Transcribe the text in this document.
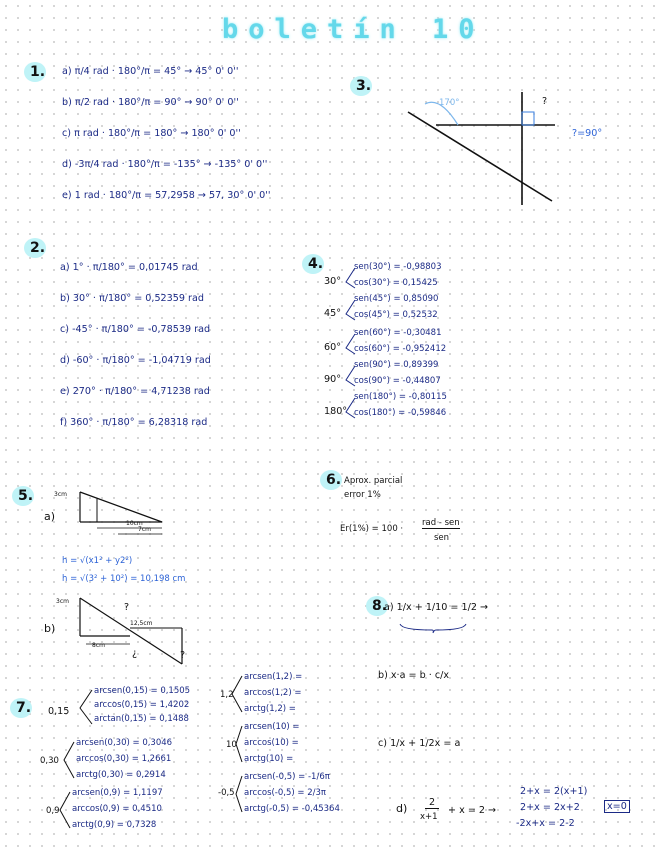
boletín 10
1. a) π/4 rad · 180°/π = 45° → 45° 0' 0''
b) π/2 rad · 180°/π = 90° → 90° 0' 0''
c) π rad · 180°/π = 180° → 180° 0' 0''
d) -3π/4 rad · 180°/π = -135° → -135° 0' 0''
e) 1 rad · 180°/π = 57,2958 → 57, 30° 0' 0''
3.
170°	?
?=90°
2.
a) 1° · π/180° = 0,01745 rad
b) 30° · π/180° = 0,52359 rad
c) -45° · π/180° = -0,78539 rad
d) -60° · π/180° = -1,04719 rad
e) 270° · π/180° = 4,71238 rad
f) 360° · π/180° = 6,28318 rad
4.
30°
sen(30°) = -0,98803
cos(30°) = 0,15425
45°
sen(45°) = 0,85090
cos(45°) = 0,52532
60°
sen(60°) = -0,30481
cos(60°) = -0,952412
90°
sen(90°) = 0,89399
cos(90°) = -0,44807
180°
sen(180°) = -0,80115
cos(180°) = -0,59846
5.
a)
3cm
10cm
7cm
h = √(x1² + y2²)
h = √(3² + 10²) = 10,198 cm
b)
3cm
12,5cm
8cm
?
¿	?
6. Aprox. parcial
error 1%
Er(1%) = 100 ·
rad - sen
sen
8.
a) 1/x + 1/10 = 1/2 →
b) x·a = b · c/x
c) 1/x + 1/2x = a
d)	2
x+1
+ x = 2 →
2+x = 2(x+1)
2+x = 2x+2
-2x+x = 2-2
x=0
7. 0,15
arcsen(0,15) = 0,1505
arccos(0,15) = 1,4202
arctan(0,15) = 0,1488
0,30
arcsen(0,30) = 0,3046
arccos(0,30) = 1,2661
arctg(0,30) = 0,2914
0,9
arcsen(0,9) = 1,1197
arccos(0,9) = 0,4510
arctg(0,9) = 0,7328
1,2
arcsen(1,2) =
arccos(1,2) =
arctg(1,2) =
10
arcsen(10) =
arccos(10) =
arctg(10) =
-0,5
arcsen(-0,5) = -1/6π
arccos(-0,5) = 2/3π
arctg(-0,5) = -0,45364
